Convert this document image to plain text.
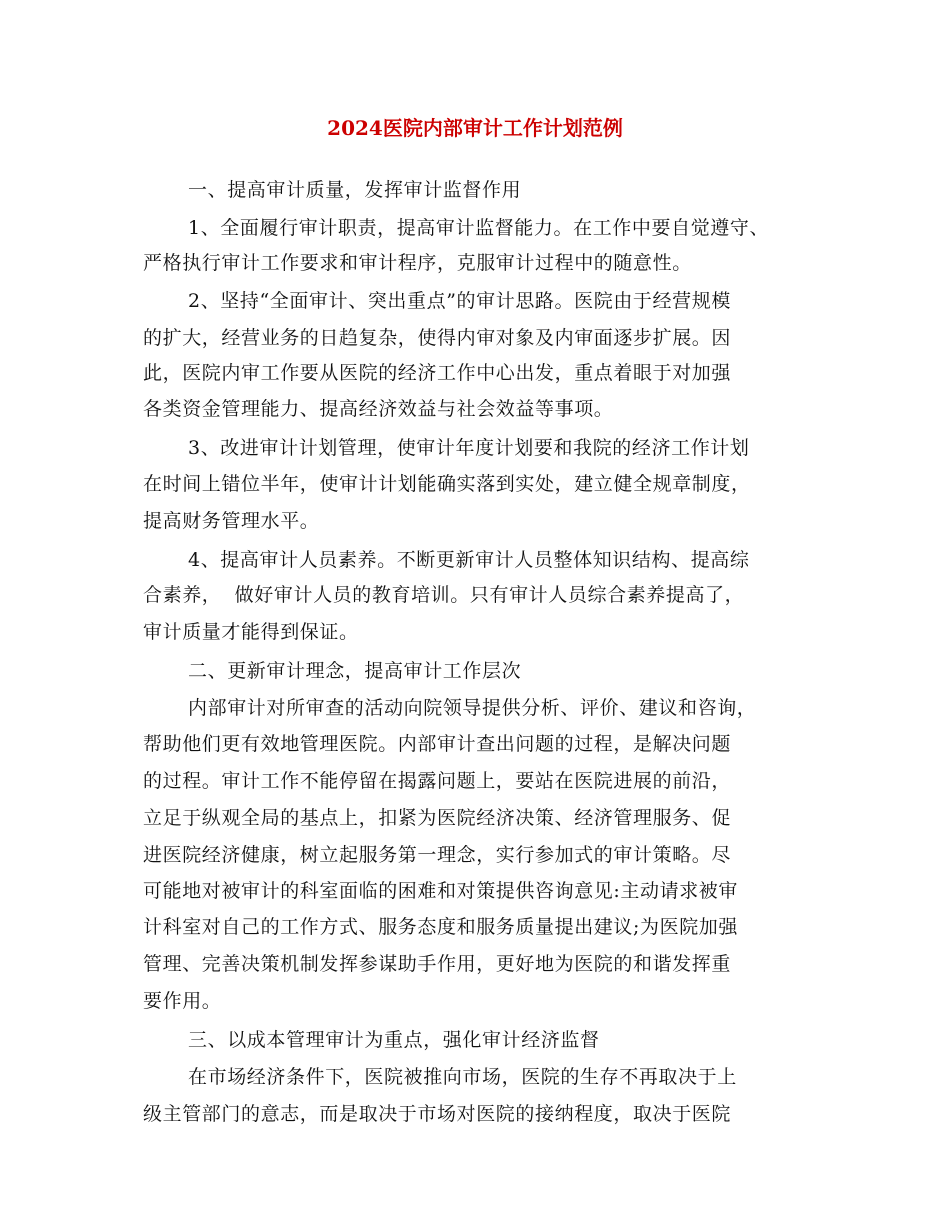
2024医院内部审计工作计划范例
一、提高审计质量，发挥审计监督作用
1、全面履行审计职责，提高审计监督能力。在工作中要自觉遵守、
严格执行审计工作要求和审计程序，克服审计过程中的随意性。
2、坚持“全面审计、突出重点”的审计思路。医院由于经营规模
的扩大，经营业务的日趋复杂，使得内审对象及内审面逐步扩展。因
此，医院内审工作要从医院的经济工作中心出发，重点着眼于对加强
各类资金管理能力、提高经济效益与社会效益等事项。
3、改进审计计划管理，使审计年度计划要和我院的经济工作计划
在时间上错位半年，使审计计划能确实落到实处，建立健全规章制度，
提高财务管理水平。
4、提高审计人员素养。不断更新审计人员整体知识结构、提高综
合素养，  做好审计人员的教育培训。只有审计人员综合素养提高了，
审计质量才能得到保证。
二、更新审计理念，提高审计工作层次
内部审计对所审查的活动向院领导提供分析、评价、建议和咨询，
帮助他们更有效地管理医院。内部审计查出问题的过程，是解决问题
的过程。审计工作不能停留在揭露问题上，要站在医院进展的前沿，
立足于纵观全局的基点上，扣紧为医院经济决策、经济管理服务、促
进医院经济健康，树立起服务第一理念，实行参加式的审计策略。尽
可能地对被审计的科室面临的困难和对策提供咨询意见:主动请求被审
计科室对自己的工作方式、服务态度和服务质量提出建议;为医院加强
管理、完善决策机制发挥参谋助手作用，更好地为医院的和谐发挥重
要作用。
三、以成本管理审计为重点，强化审计经济监督
在市场经济条件下，医院被推向市场，医院的生存不再取决于上
级主管部门的意志，而是取决于市场对医院的接纳程度，取决于医院
